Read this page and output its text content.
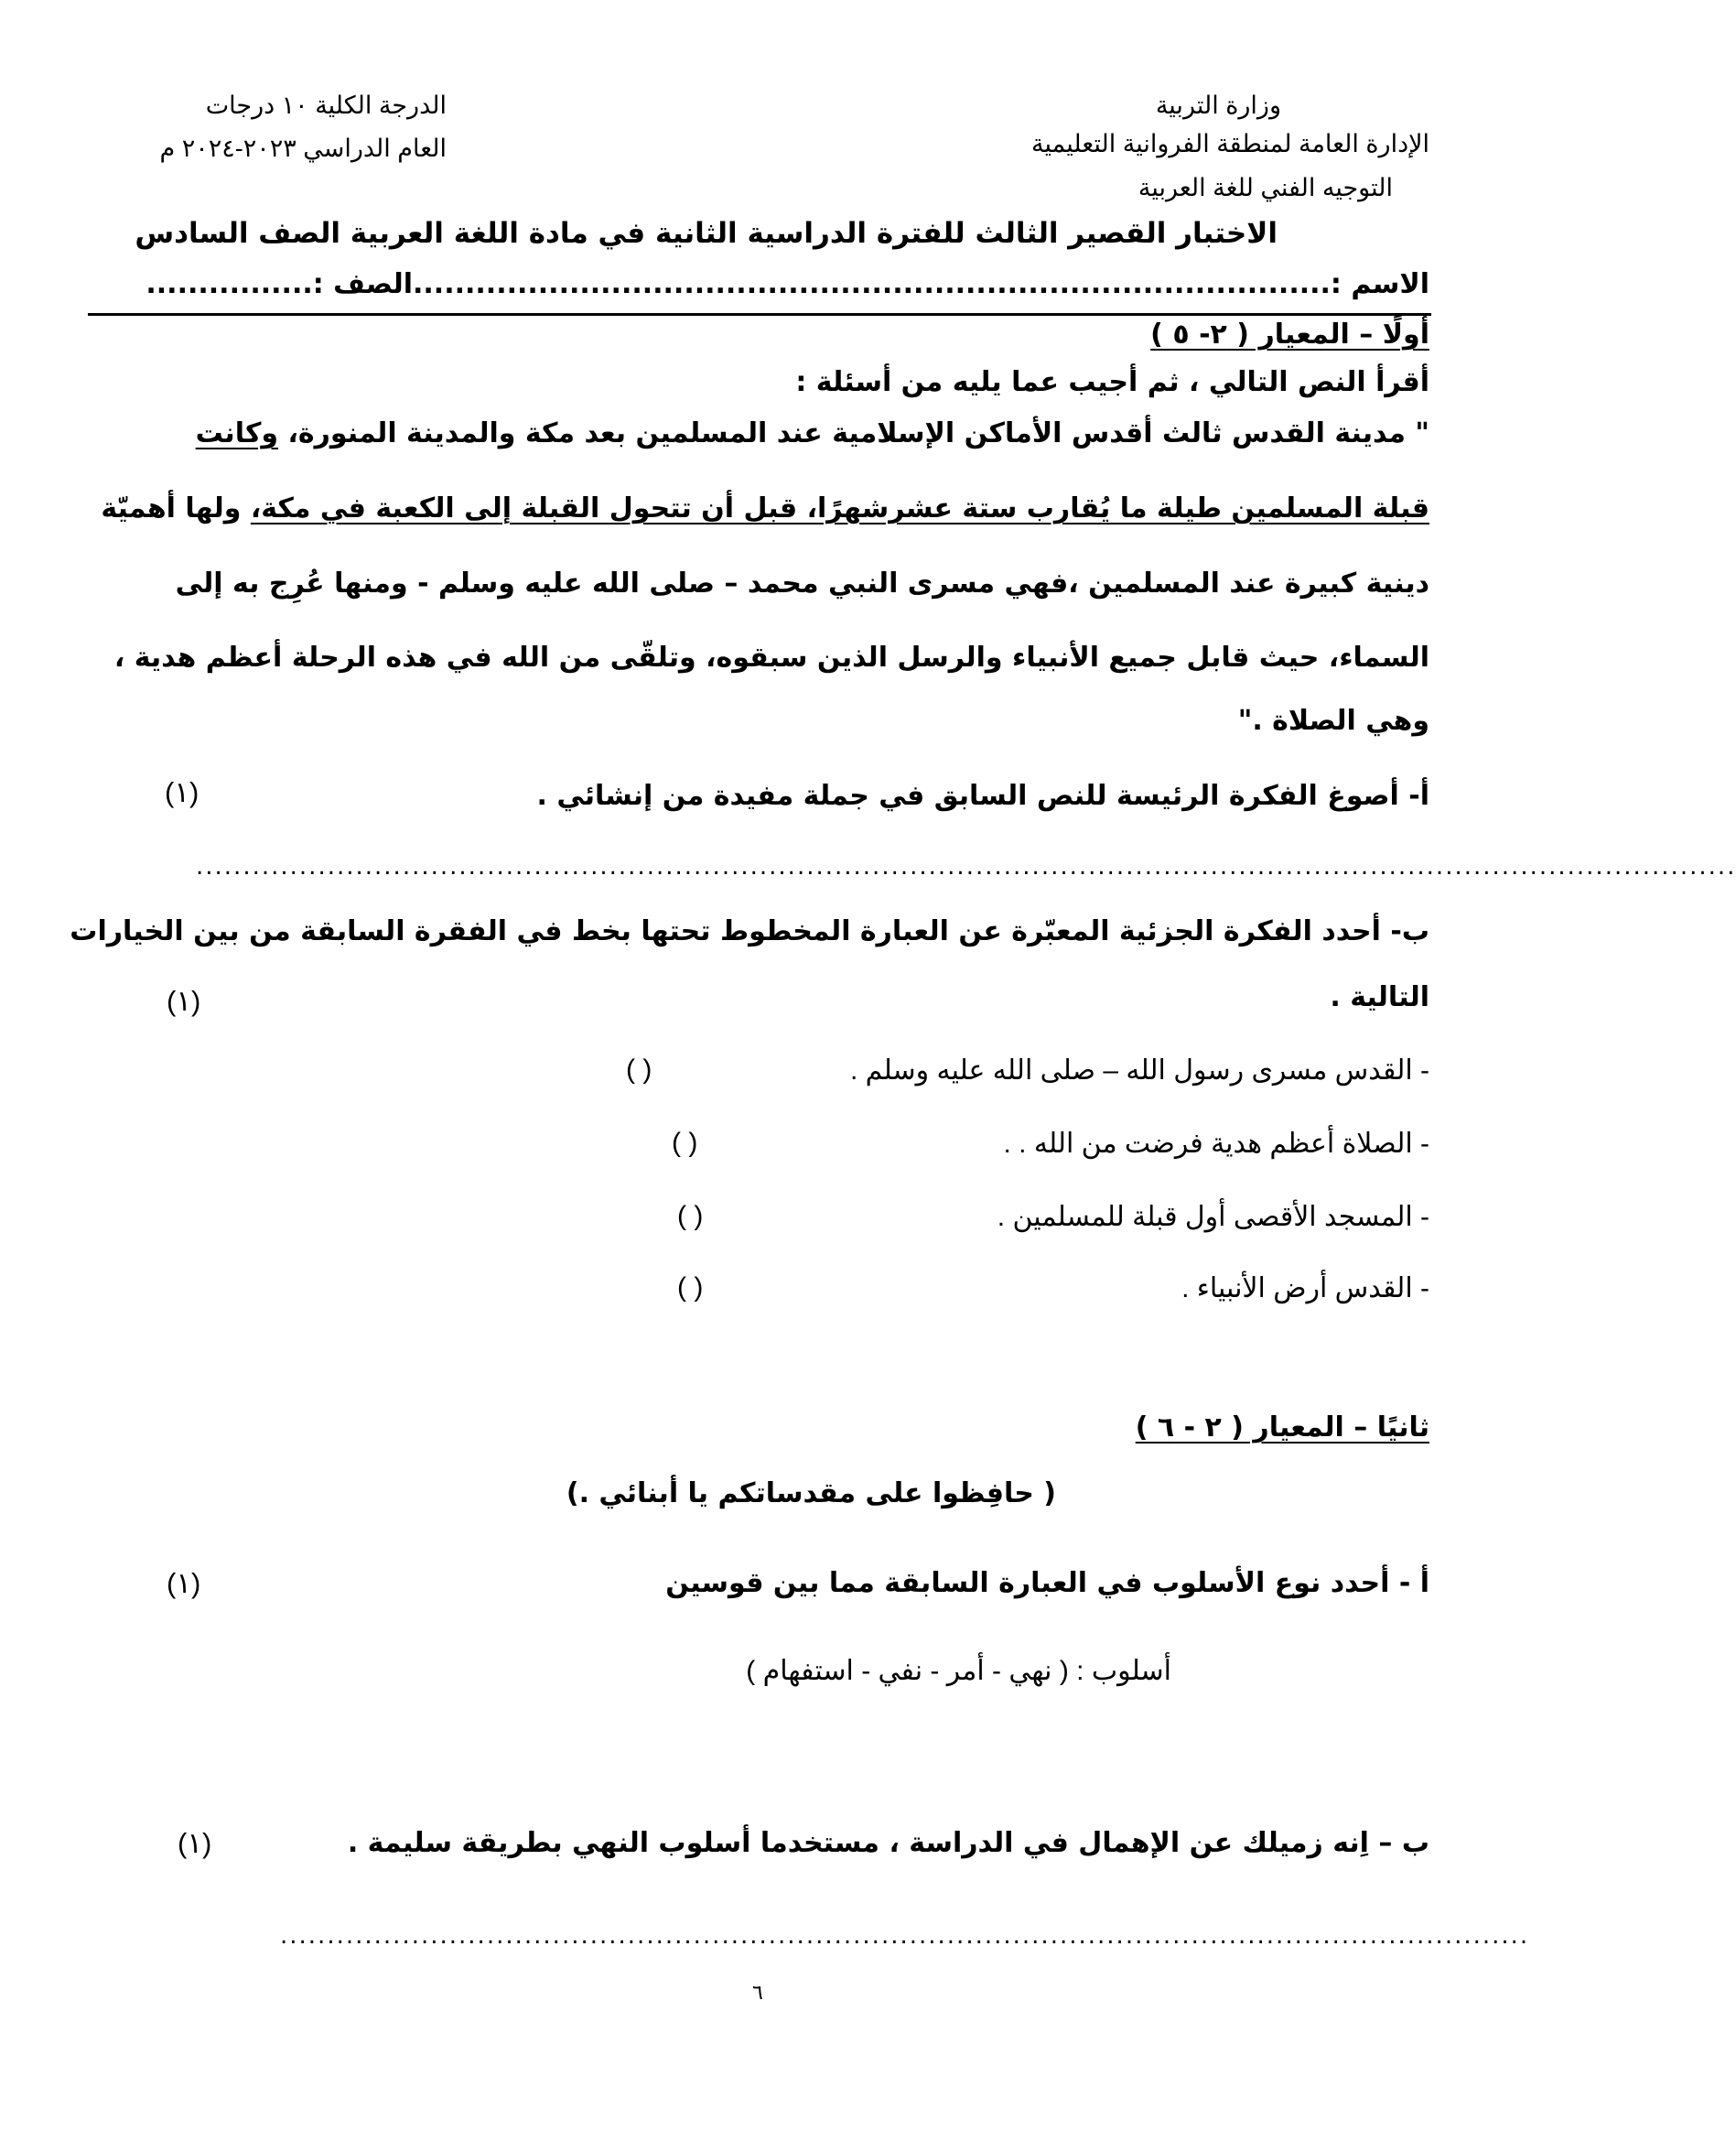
وزارة التربية
الإدارة العامة لمنطقة الفروانية التعليمية
التوجيه الفني للغة العربية
الدرجة الكلية ١٠ درجات
العام الدراسي ٢٠٢٣-٢٠٢٤ م
الاختبار القصير الثالث للفترة الدراسية الثانية في مادة اللغة العربية الصف السادس
الاسم :........................................................................................الصف :................
أولًا – المعيار ( ٢- ٥ )
أقرأ النص التالي ، ثم أجيب عما يليه من أسئلة :
" مدينة القدس ثالث أقدس الأماكن الإسلامية عند المسلمين بعد مكة والمدينة المنورة، وكانت
قبلة المسلمين طيلة ما يُقارب ستة عشرشهرًا، قبل أن تتحول القبلة إلى الكعبة في مكة، ولها أهميّة
دينية كبيرة عند المسلمين ،فهي مسرى النبي محمد – صلى الله عليه وسلم - ومنها عُرِج به إلى
السماء، حيث قابل جميع الأنبياء والرسل الذين سبقوه، وتلقّى من الله في هذه الرحلة أعظم هدية ،
وهي الصلاة ."
أ- أصوغ الفكرة الرئيسة للنص السابق في جملة مفيدة من إنشائي .
(١)
....................................................................................................................................................................
ب- أحدد الفكرة الجزئية المعبّرة عن العبارة المخطوط تحتها بخط في الفقرة السابقة من بين الخيارات
التالية .
(١)
- القدس مسرى رسول الله – صلى الله عليه وسلم .
( )
- الصلاة أعظم هدية فرضت من الله . .
( )
- المسجد الأقصى أول قبلة للمسلمين .
( )
- القدس أرض الأنبياء .
( )
ثانيًا – المعيار ( ٢ - ٦ )
( حافِظوا على مقدساتكم يا أبنائي .)
أ - أحدد نوع الأسلوب في العبارة السابقة مما بين قوسين
(١)
أسلوب : ( نهي - أمر - نفي - استفهام )
ب – اِنه زميلك عن الإهمال في الدراسة ، مستخدما أسلوب النهي بطريقة سليمة .
(١)
.....................................................................................................................................
٦
